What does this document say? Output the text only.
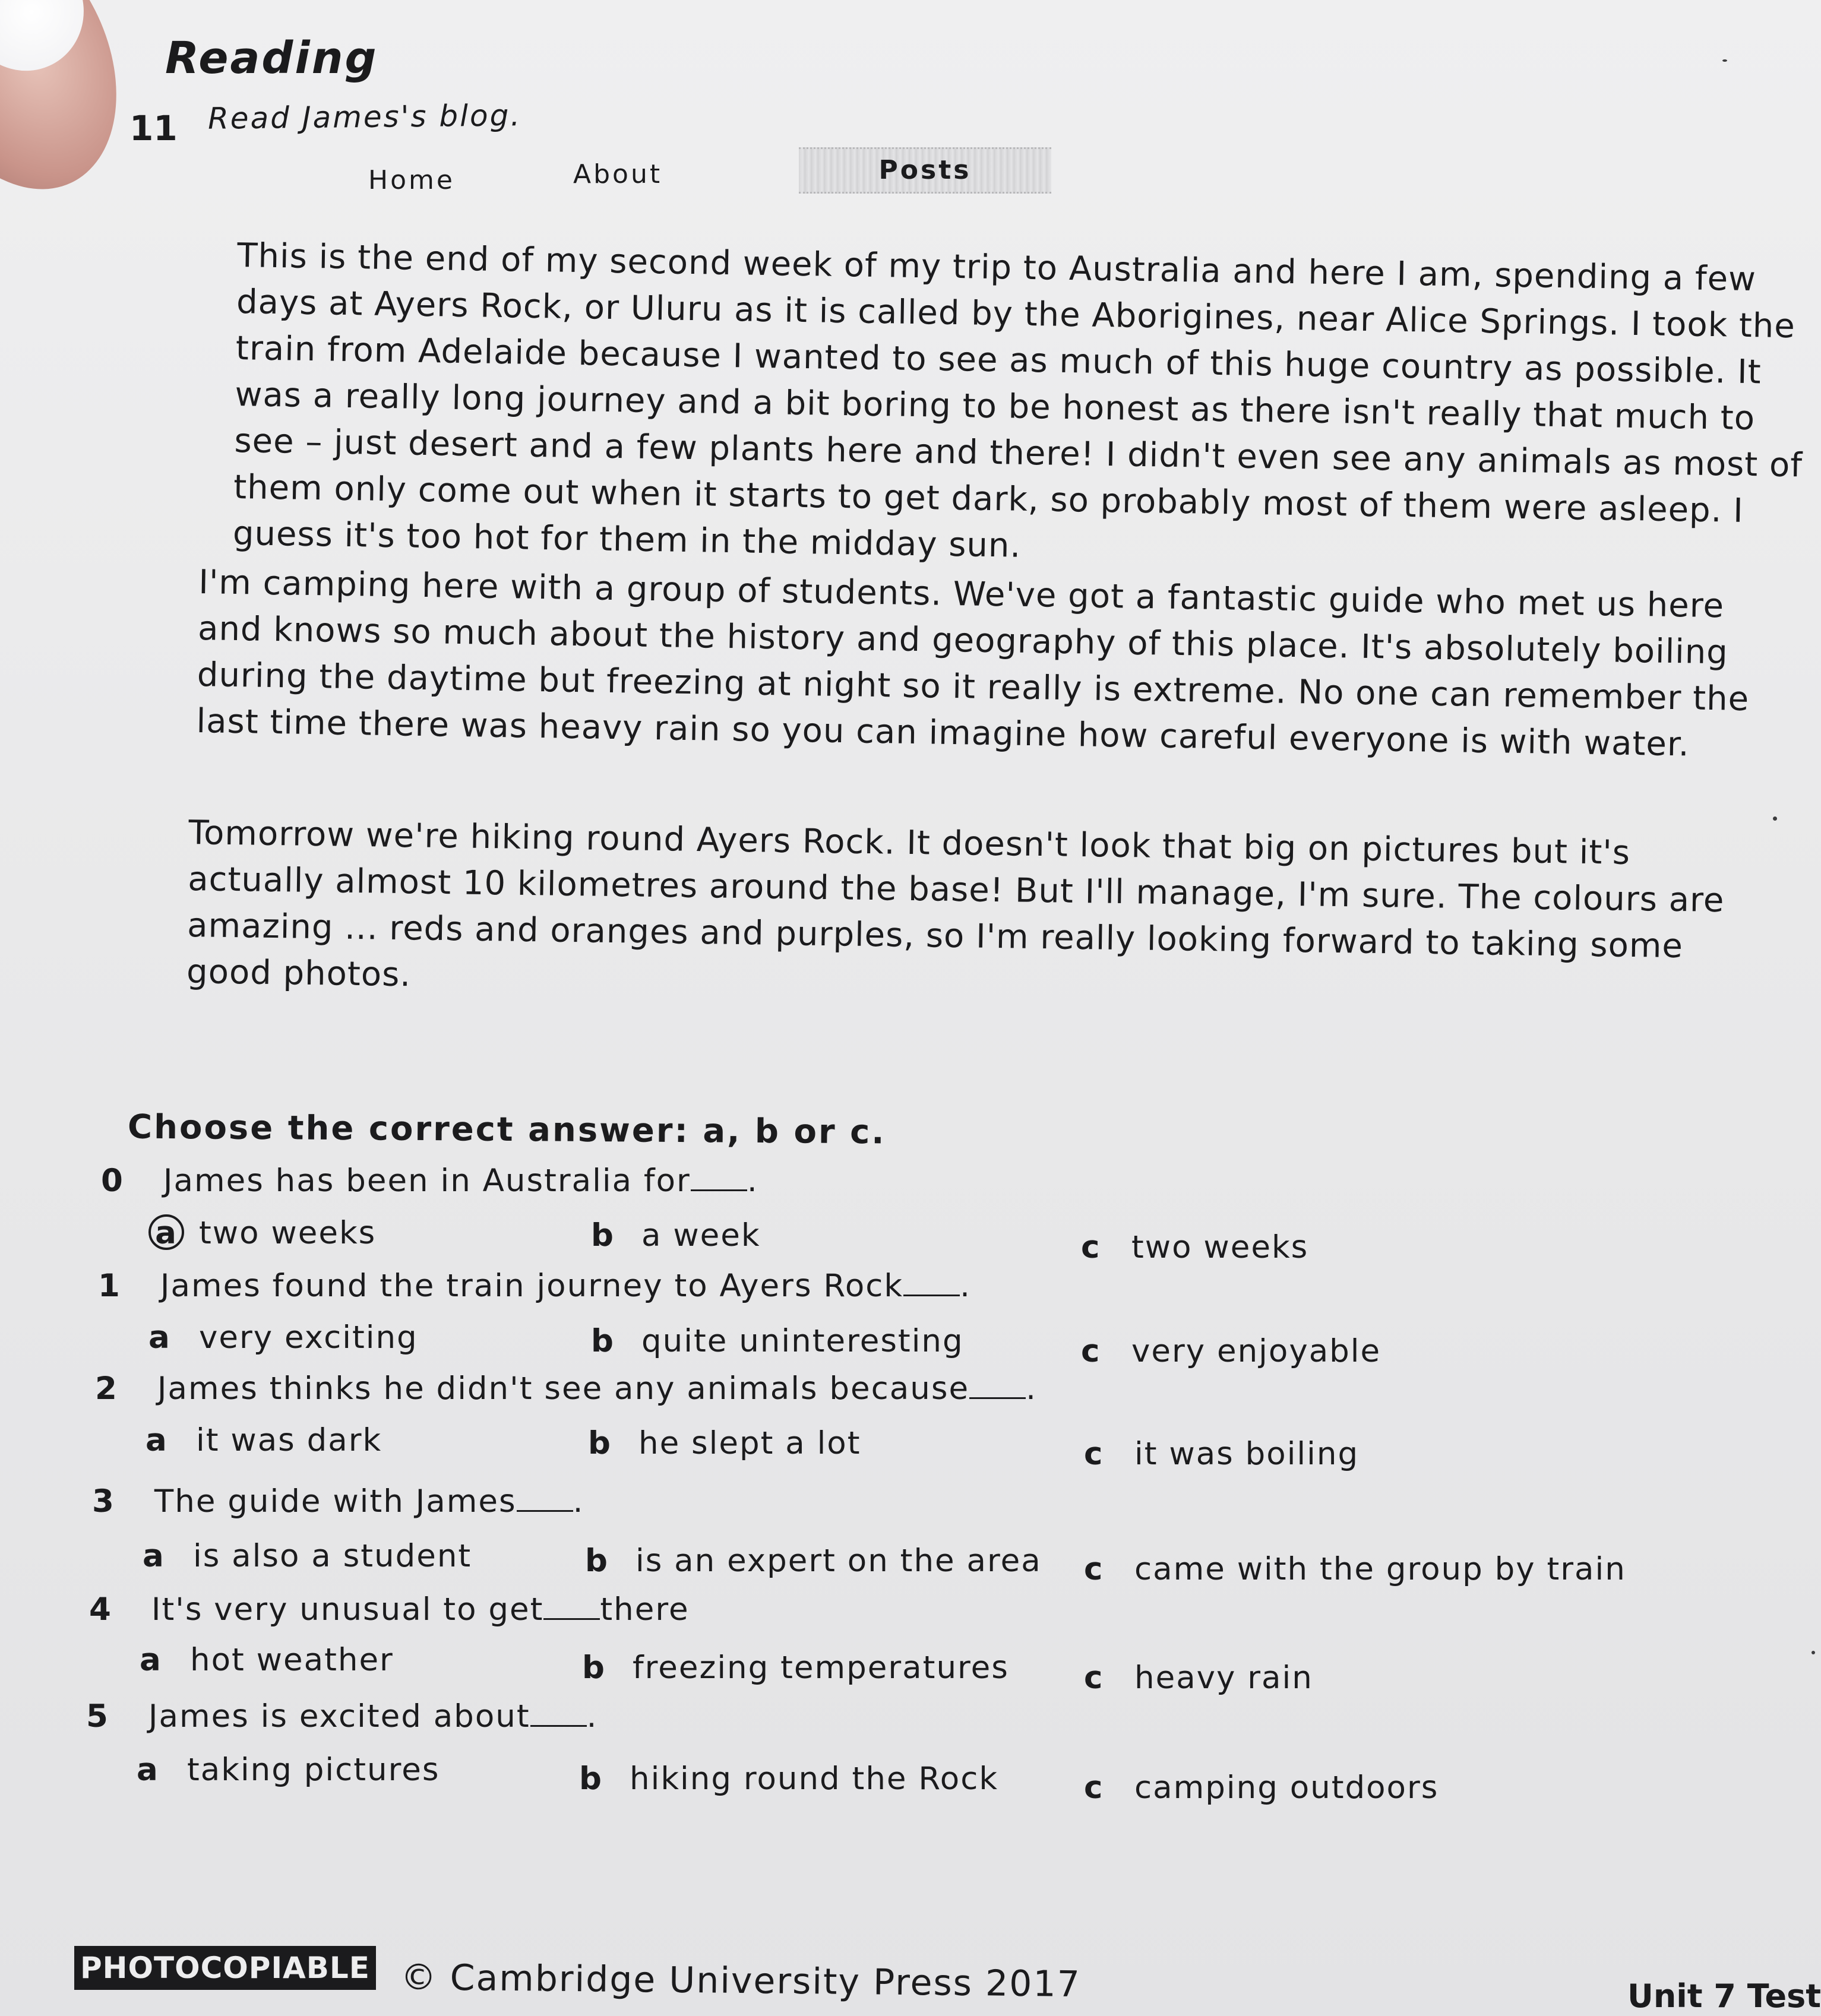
Reading
11 Read James's blog.
Home	About	Posts

This is the end of my second week of my trip to Australia and here I am, spending a few days at Ayers Rock, or Uluru as it is called by the Aborigines, near Alice Springs. I took the train from Adelaide because I wanted to see as much of this huge country as possible. It was a really long journey and a bit boring to be honest as there isn't really that much to see – just desert and a few plants here and there! I didn't even see any animals as most of them only come out when it starts to get dark, so probably most of them were asleep. I guess it's too hot for them in the midday sun.

I'm camping here with a group of students. We've got a fantastic guide who met us here and knows so much about the history and geography of this place. It's absolutely boiling during the daytime but freezing at night so it really is extreme. No one can remember the last time there was heavy rain so you can imagine how careful everyone is with water.

Tomorrow we're hiking round Ayers Rock. It doesn't look that big on pictures but it's actually almost 10 kilometres around the base! But I'll manage, I'm sure. The colours are amazing ... reds and oranges and purples, so I'm really looking forward to taking some good photos.

Choose the correct answer: a, b or c.
0 James has been in Australia for .
a two weeks	b a week	c two weeks
1 James found the train journey to Ayers Rock .
a very exciting	b quite uninteresting	c very enjoyable
2 James thinks he didn't see any animals because .
a it was dark	b he slept a lot	c it was boiling
3 The guide with James .
a is also a student	b is an expert on the area c came with the group by train
4 It's very unusual to get there
a hot weather	b freezing temperatures c heavy rain
5 James is excited about .
a taking pictures	b hiking round the Rock	c camping outdoors
PHOTOCOPIABLE © Cambridge University Press 2017	Unit 7 Test
